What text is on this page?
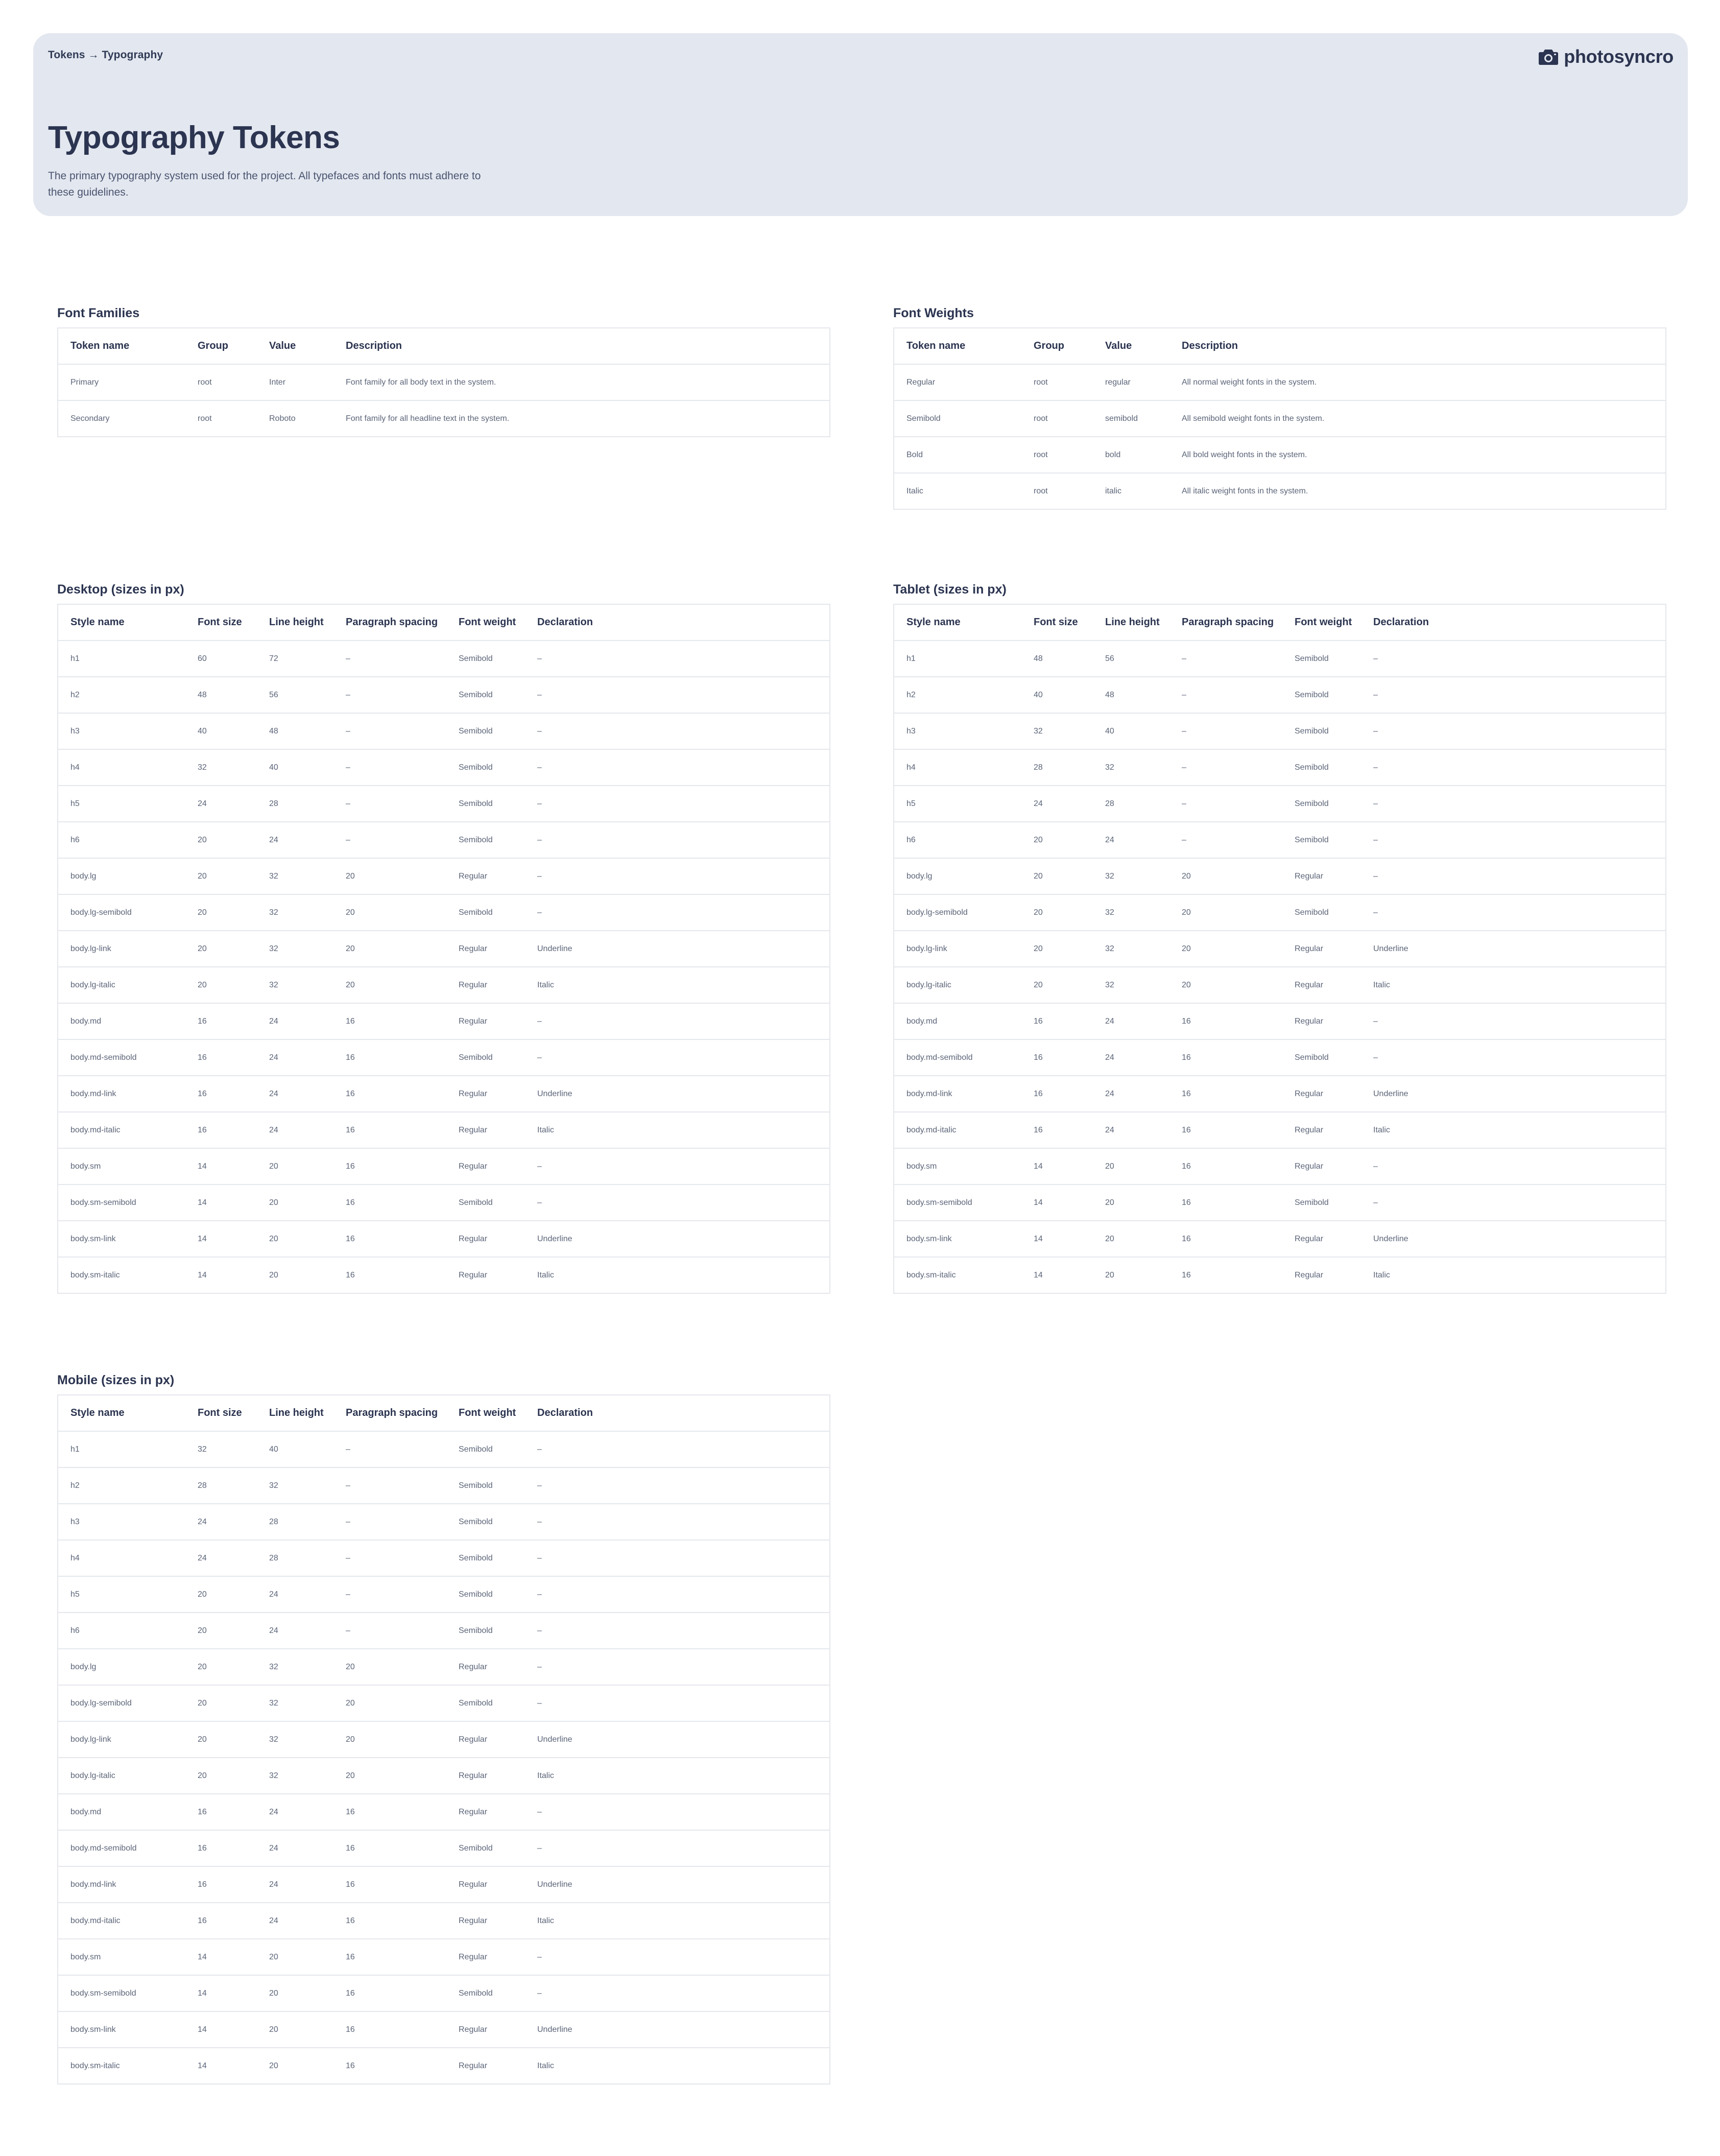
Tokens → Typography	photosyncro
Typography Tokens

The primary typography system used for the project. All typefaces and fonts must adhere to these guidelines.

Font Families
Token name	Group	Value	Description
Primary	root	Inter	Font family for all body text in the system.
Secondary	root	Roboto	Font family for all headline text in the system.
Font Weights
Token name	Group	Value	Description
Regular	root	regular	All normal weight fonts in the system.
Semibold	root	semibold	All semibold weight fonts in the system.
Bold	root	bold	All bold weight fonts in the system.
Italic	root	italic	All italic weight fonts in the system.
Desktop (sizes in px)
Style name	Font size	Line height	Paragraph spacing	Font weight	Declaration
h1	60	72	–	Semibold	–
h2	48	56	–	Semibold	–
h3	40	48	–	Semibold	–
h4	32	40	–	Semibold	–
h5	24	28	–	Semibold	–
h6	20	24	–	Semibold	–
body.lg	20	32	20	Regular	–
body.lg-semibold	20	32	20	Semibold	–
body.lg-link	20	32	20	Regular	Underline
body.lg-italic	20	32	20	Regular	Italic
body.md	16	24	16	Regular	–
body.md-semibold	16	24	16	Semibold	–
body.md-link	16	24	16	Regular	Underline
body.md-italic	16	24	16	Regular	Italic
body.sm	14	20	16	Regular	–
body.sm-semibold	14	20	16	Semibold	–
body.sm-link	14	20	16	Regular	Underline
body.sm-italic	14	20	16	Regular	Italic
Tablet (sizes in px)
Style name	Font size	Line height	Paragraph spacing	Font weight	Declaration
h1	48	56	–	Semibold	–
h2	40	48	–	Semibold	–
h3	32	40	–	Semibold	–
h4	28	32	–	Semibold	–
h5	24	28	–	Semibold	–
h6	20	24	–	Semibold	–
body.lg	20	32	20	Regular	–
body.lg-semibold	20	32	20	Semibold	–
body.lg-link	20	32	20	Regular	Underline
body.lg-italic	20	32	20	Regular	Italic
body.md	16	24	16	Regular	–
body.md-semibold	16	24	16	Semibold	–
body.md-link	16	24	16	Regular	Underline
body.md-italic	16	24	16	Regular	Italic
body.sm	14	20	16	Regular	–
body.sm-semibold	14	20	16	Semibold	–
body.sm-link	14	20	16	Regular	Underline
body.sm-italic	14	20	16	Regular	Italic
Mobile (sizes in px)
Style name	Font size	Line height	Paragraph spacing	Font weight	Declaration
h1	32	40	–	Semibold	–
h2	28	32	–	Semibold	–
h3	24	28	–	Semibold	–
h4	24	28	–	Semibold	–
h5	20	24	–	Semibold	–
h6	20	24	–	Semibold	–
body.lg	20	32	20	Regular	–
body.lg-semibold	20	32	20	Semibold	–
body.lg-link	20	32	20	Regular	Underline
body.lg-italic	20	32	20	Regular	Italic
body.md	16	24	16	Regular	–
body.md-semibold	16	24	16	Semibold	–
body.md-link	16	24	16	Regular	Underline
body.md-italic	16	24	16	Regular	Italic
body.sm	14	20	16	Regular	–
body.sm-semibold	14	20	16	Semibold	–
body.sm-link	14	20	16	Regular	Underline
body.sm-italic	14	20	16	Regular	Italic
